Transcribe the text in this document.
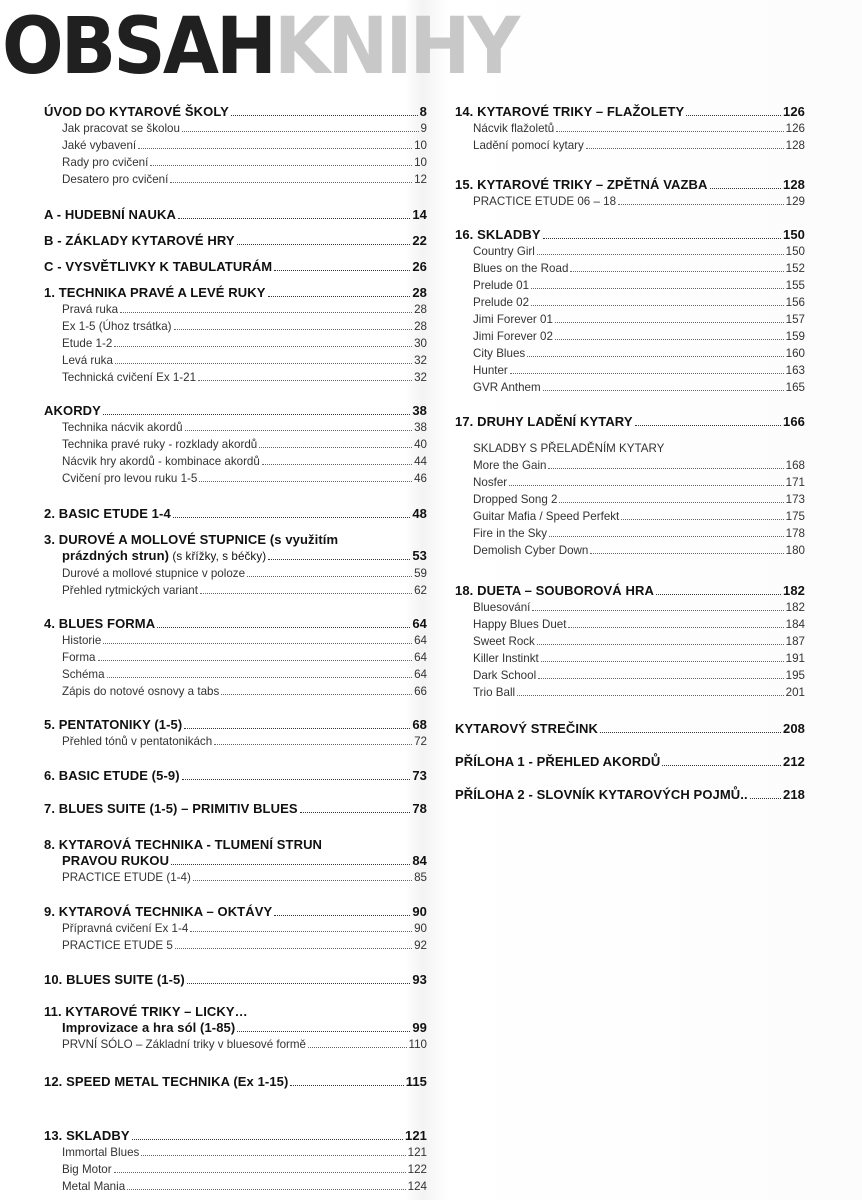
OBSAHKNIHY
ÚVOD DO KYTAROVÉ ŠKOLY	8
Jak pracovat se školou	9
Jaké vybavení	10
Rady pro cvičení	10
Desatero pro cvičení	12
A - HUDEBNÍ NAUKA	14
B - ZÁKLADY KYTAROVÉ HRY	22
C - VYSVĚTLIVKY K TABULATURÁM	26
1. TECHNIKA PRAVÉ A LEVÉ RUKY	28
Pravá ruka	28
Ex 1-5 (Úhoz trsátka)	28
Etude 1-2	30
Levá ruka	32
Technická cvičení Ex 1-21	32
AKORDY	38
Technika nácvik akordů	38
Technika pravé ruky - rozklady akordů	40
Nácvik hry akordů - kombinace akordů	44
Cvičení pro levou ruku 1-5	46
2. BASIC ETUDE 1-4	48
3. DUROVÉ A MOLLOVÉ STUPNICE (s využitím
prázdných strun) (s křížky, s béčky)	53
Durové a mollové stupnice v poloze	59
Přehled rytmických variant	62
4. BLUES FORMA	64
Historie	64
Forma	64
Schéma	64
Zápis do notové osnovy a tabs	66
5. PENTATONIKY (1-5)	68
Přehled tónů v pentatonikách	72
6. BASIC ETUDE (5-9)	73
7. BLUES SUITE (1-5) – PRIMITIV BLUES	78
8. KYTAROVÁ TECHNIKA - TLUMENÍ STRUN
PRAVOU RUKOU	84
PRACTICE ETUDE (1-4)	85
9. KYTAROVÁ TECHNIKA – OKTÁVY	90
Přípravná cvičení Ex 1-4	90
PRACTICE ETUDE 5	92
10. BLUES SUITE (1-5)	93
11. KYTAROVÉ TRIKY – LICKY…
Improvizace a hra sól (1-85)	99
PRVNÍ SÓLO – Základní triky v bluesové formě	110
12. SPEED METAL TECHNIKA (Ex 1-15)	115
13. SKLADBY	121
Immortal Blues	121
Big Motor	122
Metal Mania	124
14. KYTAROVÉ TRIKY – FLAŽOLETY	126
Nácvik flažoletů	126
Ladění pomocí kytary	128
15. KYTAROVÉ TRIKY – ZPĚTNÁ VAZBA	128
PRACTICE ETUDE 06 – 18	129
16. SKLADBY	150
Country Girl	150
Blues on the Road	152
Prelude 01	155
Prelude 02	156
Jimi Forever 01	157
Jimi Forever 02	159
City Blues	160
Hunter	163
GVR Anthem	165
17. DRUHY LADĚNÍ KYTARY	166
SKLADBY S PŘELADĚNÍM KYTARY
More the Gain	168
Nosfer	171
Dropped Song 2	173
Guitar Mafia / Speed Perfekt	175
Fire in the Sky	178
Demolish Cyber Down	180
18. DUETA – SOUBOROVÁ HRA	182
Bluesování	182
Happy Blues Duet	184
Sweet Rock	187
Killer Instinkt	191
Dark School	195
Trio Ball	201
KYTAROVÝ STREČINK	208
PŘÍLOHA 1 - PŘEHLED AKORDŮ	212
PŘÍLOHA 2 - SLOVNÍK KYTAROVÝCH POJMŮ..	218
